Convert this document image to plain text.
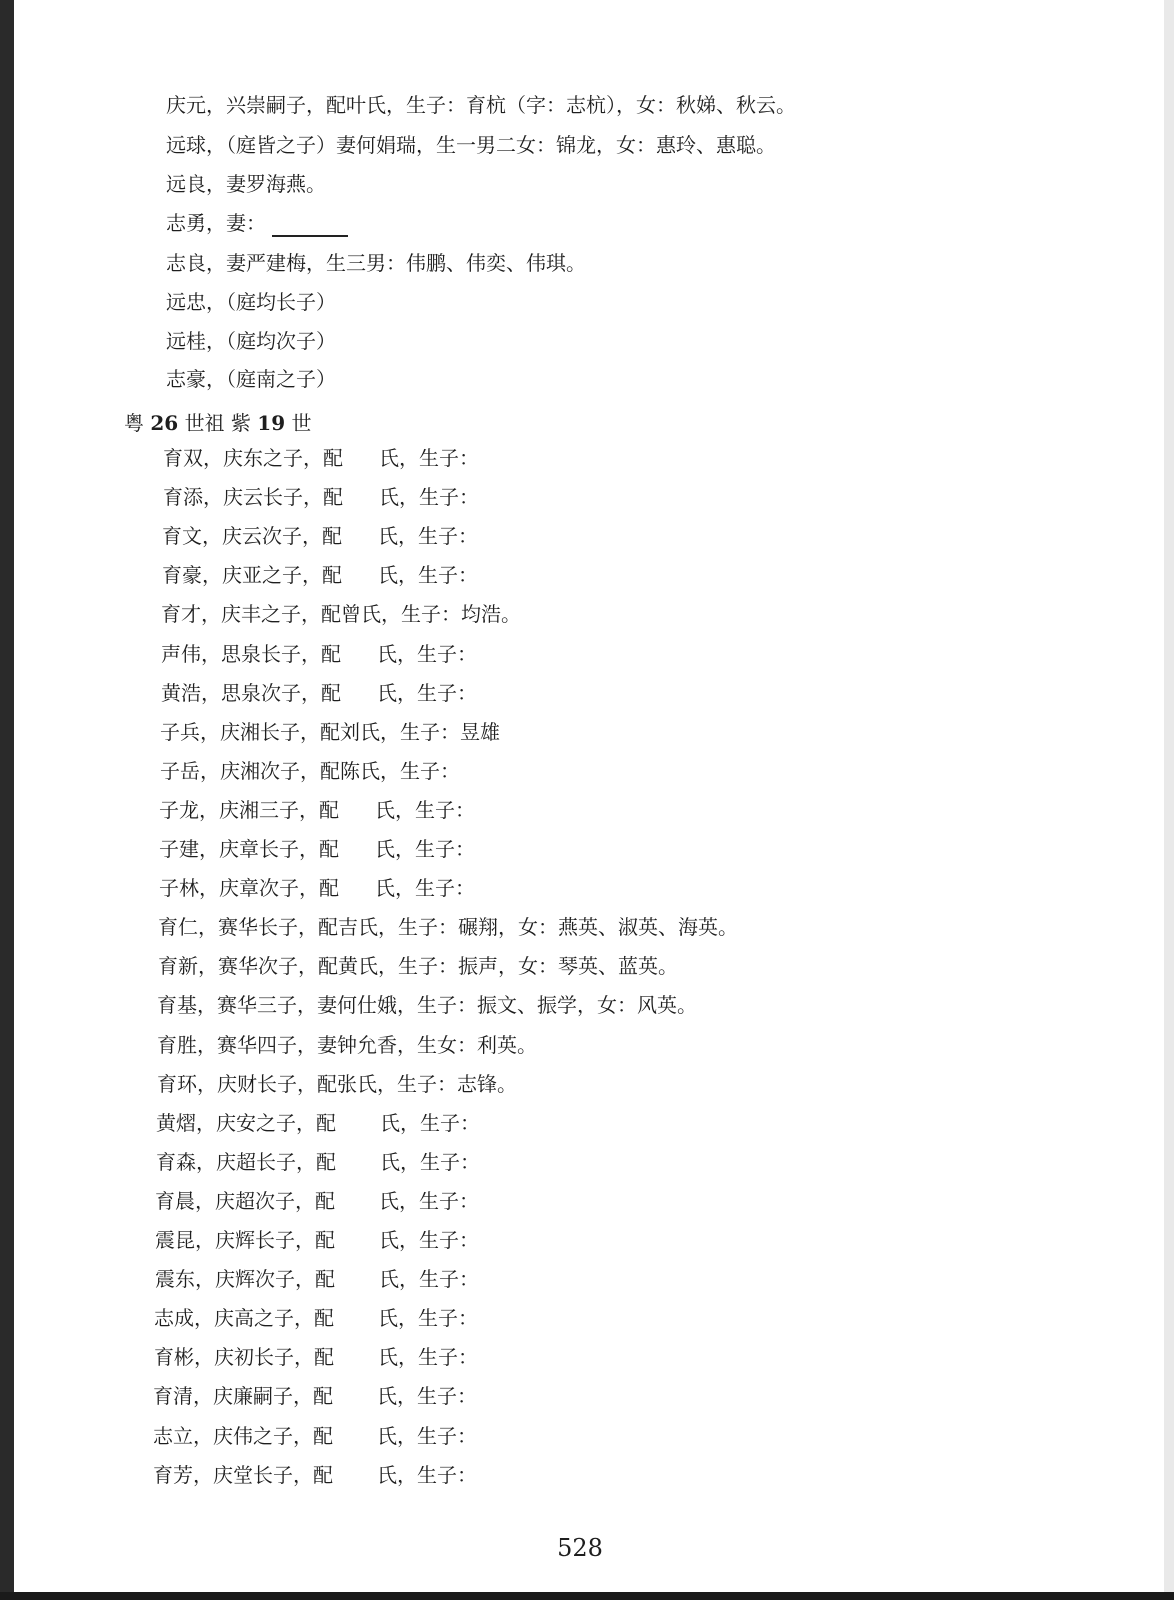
庆元，兴崇嗣子，配叶氏，生子：育杭（字：志杭），女：秋娣、秋云。
远球，（庭皆之子）妻何娟瑞，生一男二女：锦龙，女：惠玲、惠聪。
远良，妻罗海燕。
志勇，妻：
志良，妻严建梅，生三男：伟鹏、伟奕、伟琪。
远忠，（庭均长子）
远桂，（庭均次子）
志豪，（庭南之子）
粤 26 世祖 紫 19 世
育双，庆东之子，配 氏，生子：
育添，庆云长子，配 氏，生子：
育文，庆云次子，配 氏，生子：
育豪，庆亚之子，配 氏，生子：
育才，庆丰之子，配曾氏，生子：均浩。
声伟，思泉长子，配 氏，生子：
黄浩，思泉次子，配 氏，生子：
子兵，庆湘长子，配刘氏，生子：昱雄
子岳，庆湘次子，配陈氏，生子：
子龙，庆湘三子，配 氏，生子：
子建，庆章长子，配 氏，生子：
子林，庆章次子，配 氏，生子：
育仁，赛华长子，配吉氏，生子：碾翔，女：燕英、淑英、海英。
育新，赛华次子，配黄氏，生子：振声，女：琴英、蓝英。
育基，赛华三子，妻何仕娥，生子：振文、振学，女：风英。
育胜，赛华四子，妻钟允香，生女：利英。
育环，庆财长子，配张氏，生子：志锋。
黄熠，庆安之子，配 氏，生子：
育森，庆超长子，配 氏，生子：
育晨，庆超次子，配 氏，生子：
震昆，庆辉长子，配 氏，生子：
震东，庆辉次子，配 氏，生子：
志成，庆高之子，配 氏，生子：
育彬，庆初长子，配 氏，生子：
育清，庆廉嗣子，配 氏，生子：
志立，庆伟之子，配 氏，生子：
育芳，庆堂长子，配 氏，生子：
528
